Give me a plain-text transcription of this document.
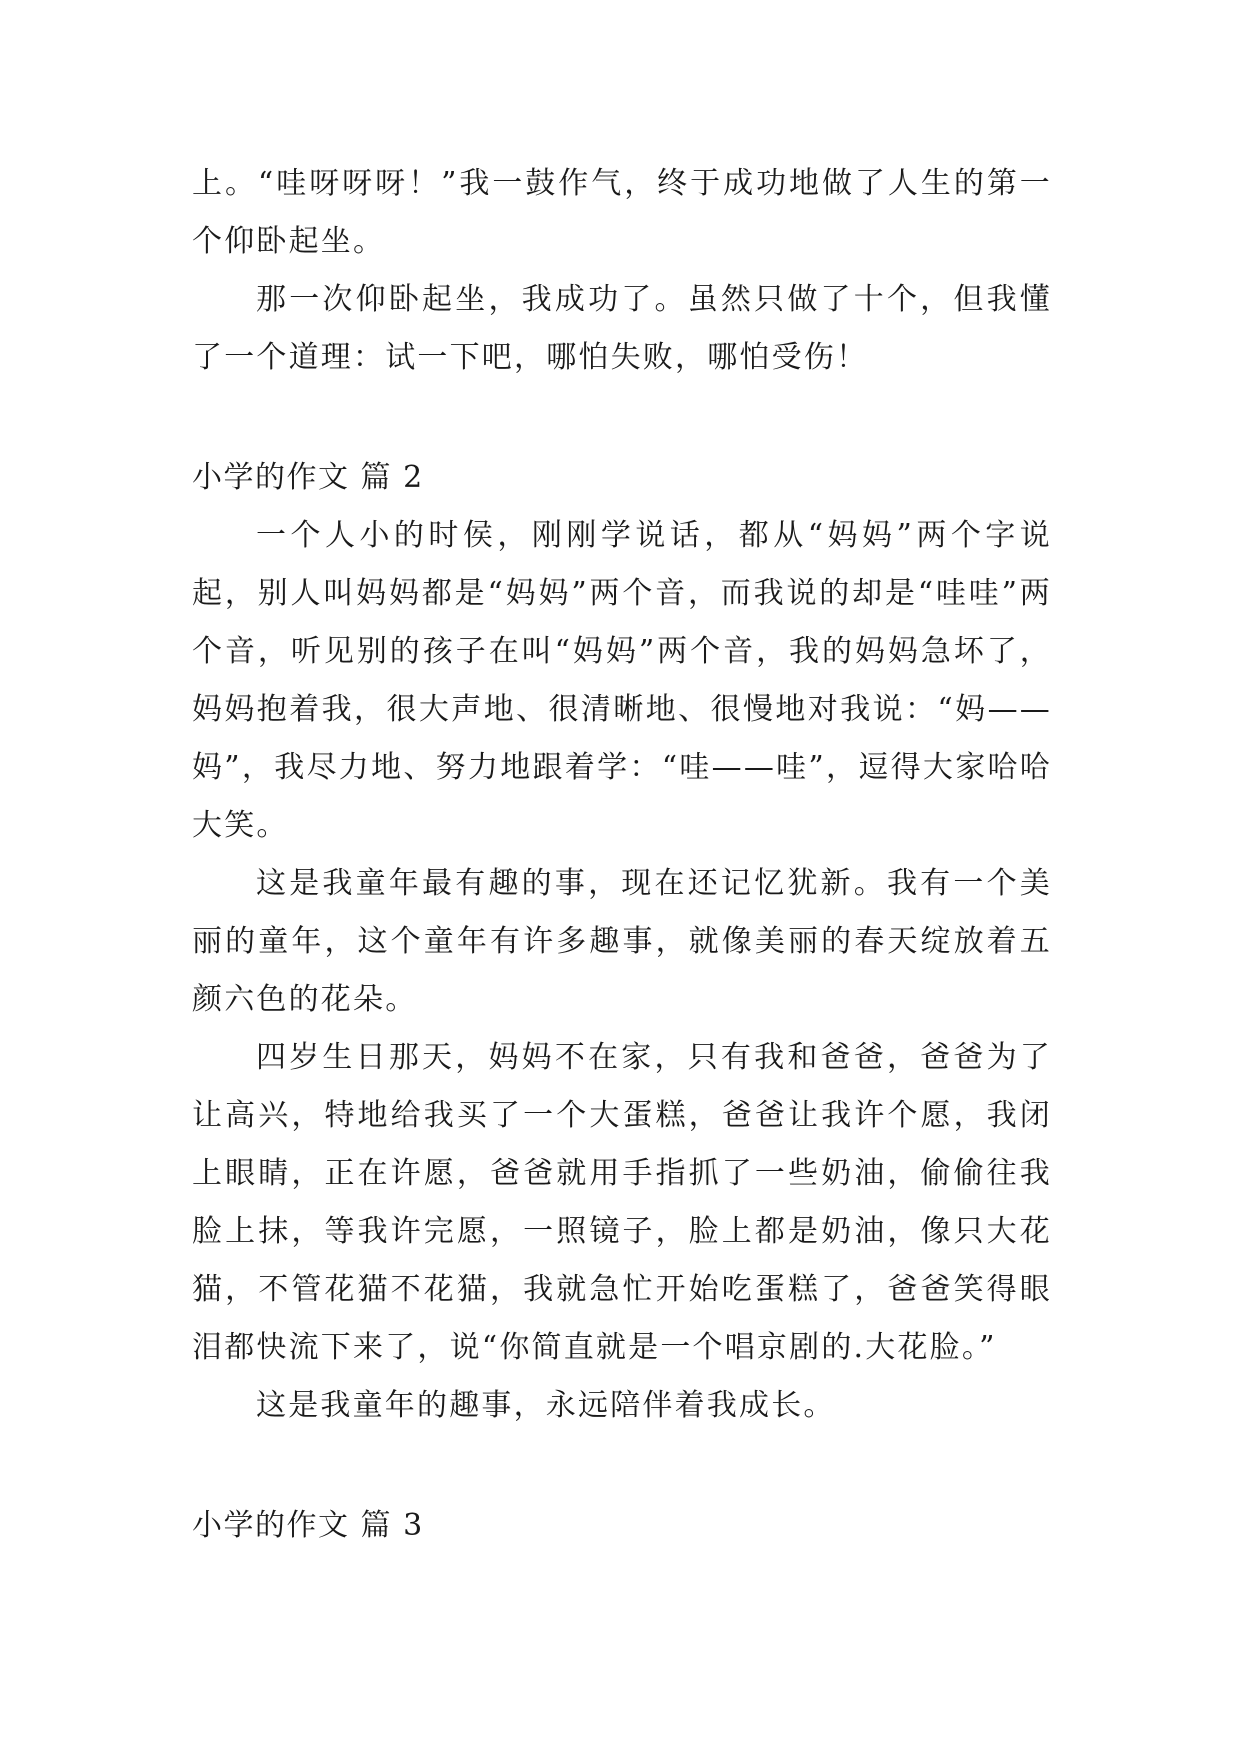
上。“哇呀呀呀！”我一鼓作气，终于成功地做了人生的第一个仰卧起坐。

那一次仰卧起坐，我成功了。虽然只做了十个，但我懂了一个道理：试一下吧，哪怕失败，哪怕受伤！

小学的作文 篇 2

一个人小的时侯，刚刚学说话，都从“妈妈”两个字说起，别人叫妈妈都是“妈妈”两个音，而我说的却是“哇哇”两个音，听见别的孩子在叫“妈妈”两个音，我的妈妈急坏了，妈妈抱着我，很大声地、很清晰地、很慢地对我说：“妈——妈”，我尽力地、努力地跟着学：“哇——哇”，逗得大家哈哈大笑。

这是我童年最有趣的事，现在还记忆犹新。我有一个美丽的童年，这个童年有许多趣事，就像美丽的春天绽放着五颜六色的花朵。

四岁生日那天，妈妈不在家，只有我和爸爸，爸爸为了让高兴，特地给我买了一个大蛋糕，爸爸让我许个愿，我闭上眼睛，正在许愿，爸爸就用手指抓了一些奶油，偷偷往我脸上抹，等我许完愿，一照镜子，脸上都是奶油，像只大花猫，不管花猫不花猫，我就急忙开始吃蛋糕了，爸爸笑得眼泪都快流下来了，说“你简直就是一个唱京剧的.大花脸。”

这是我童年的趣事，永远陪伴着我成长。

小学的作文 篇 3
